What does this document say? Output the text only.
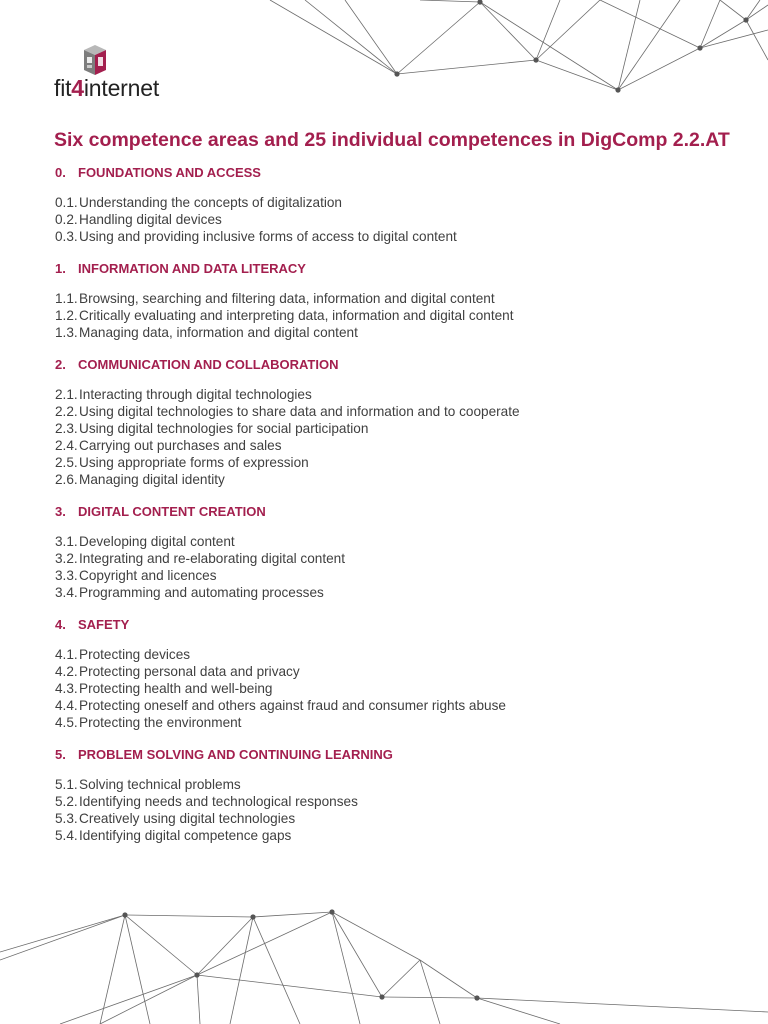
fit4internet
Six competence areas and 25 individual competences in DigComp 2.2.AT
0. FOUNDATIONS AND ACCESS
0.1. Understanding the concepts of digitalization
0.2. Handling digital devices
0.3. Using and providing inclusive forms of access to digital content
1. INFORMATION AND DATA LITERACY
1.1. Browsing, searching and filtering data, information and digital content
1.2. Critically evaluating and interpreting data, information and digital content
1.3. Managing data, information and digital content
2. COMMUNICATION AND COLLABORATION
2.1. Interacting through digital technologies
2.2. Using digital technologies to share data and information and to cooperate
2.3. Using digital technologies for social participation
2.4. Carrying out purchases and sales
2.5. Using appropriate forms of expression
2.6. Managing digital identity
3. DIGITAL CONTENT CREATION
3.1. Developing digital content
3.2. Integrating and re-elaborating digital content
3.3. Copyright and licences
3.4. Programming and automating processes
4. SAFETY
4.1. Protecting devices
4.2. Protecting personal data and privacy
4.3. Protecting health and well-being
4.4. Protecting oneself and others against fraud and consumer rights abuse
4.5. Protecting the environment
5. PROBLEM SOLVING AND CONTINUING LEARNING
5.1. Solving technical problems
5.2. Identifying needs and technological responses
5.3. Creatively using digital technologies
5.4. Identifying digital competence gaps
